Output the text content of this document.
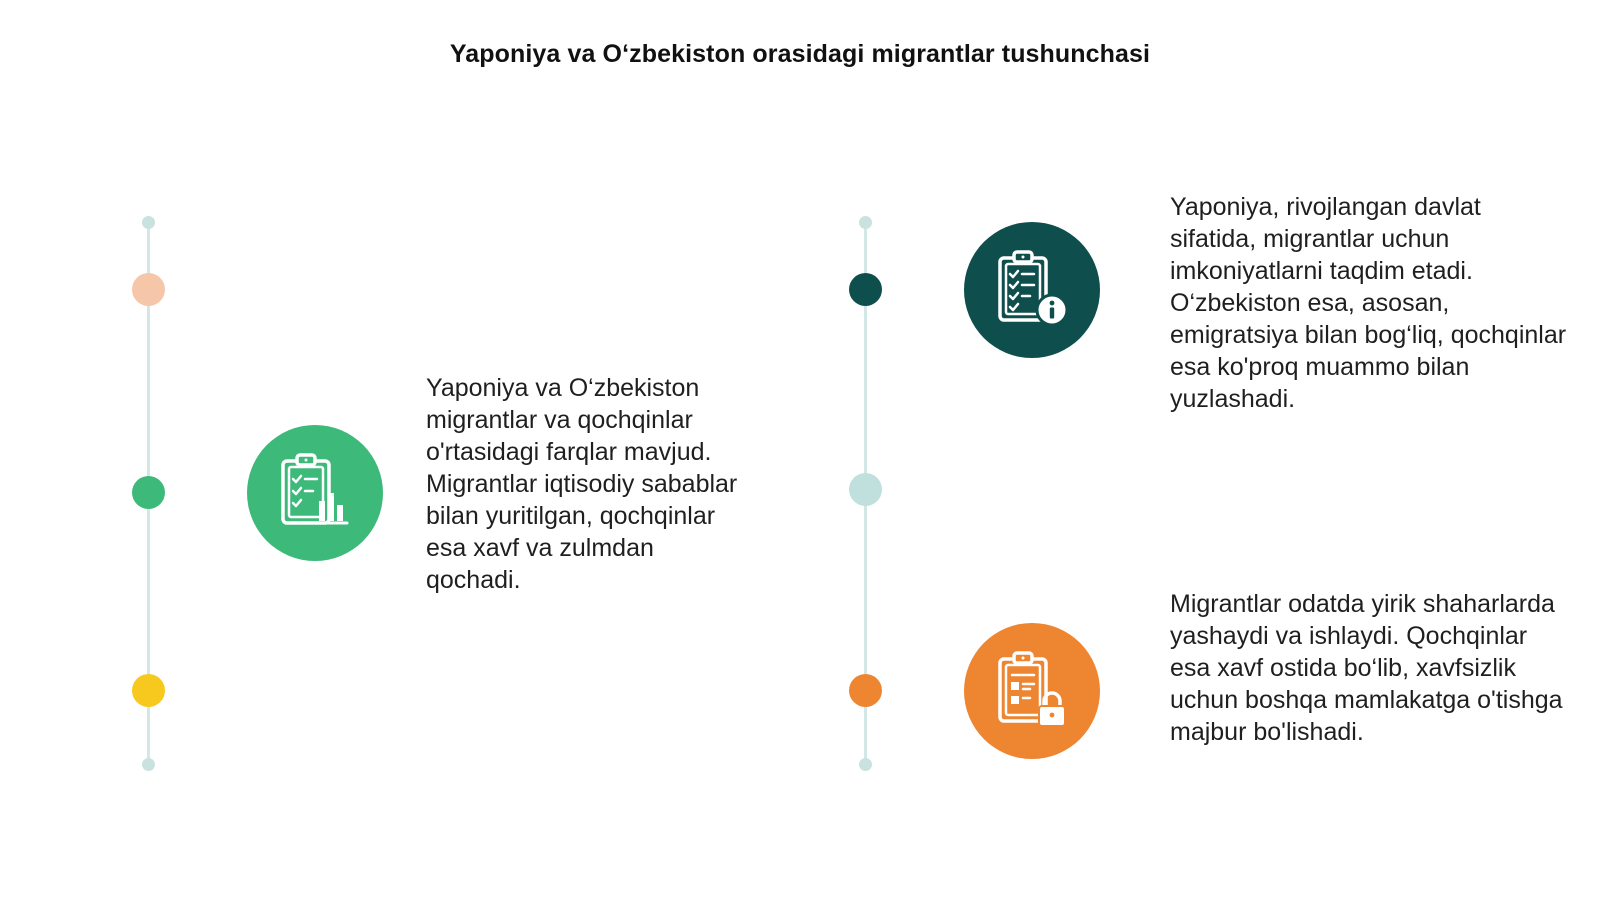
Yaponiya va O‘zbekiston orasidagi migrantlar tushunchasi
Yaponiya va O‘zbekiston migrantlar va qochqinlar o'rtasidagi farqlar mavjud. Migrantlar iqtisodiy sabablar bilan yuritilgan, qochqinlar esa xavf va zulmdan qochadi.
Yaponiya, rivojlangan davlat sifatida, migrantlar uchun imkoniyatlarni taqdim etadi. O‘zbekiston esa, asosan, emigratsiya bilan bog‘liq, qochqinlar esa ko'proq muammo bilan yuzlashadi.
Migrantlar odatda yirik shaharlarda yashaydi va ishlaydi. Qochqinlar esa xavf ostida bo‘lib, xavfsizlik uchun boshqa mamlakatga o'tishga majbur bo'lishadi.
